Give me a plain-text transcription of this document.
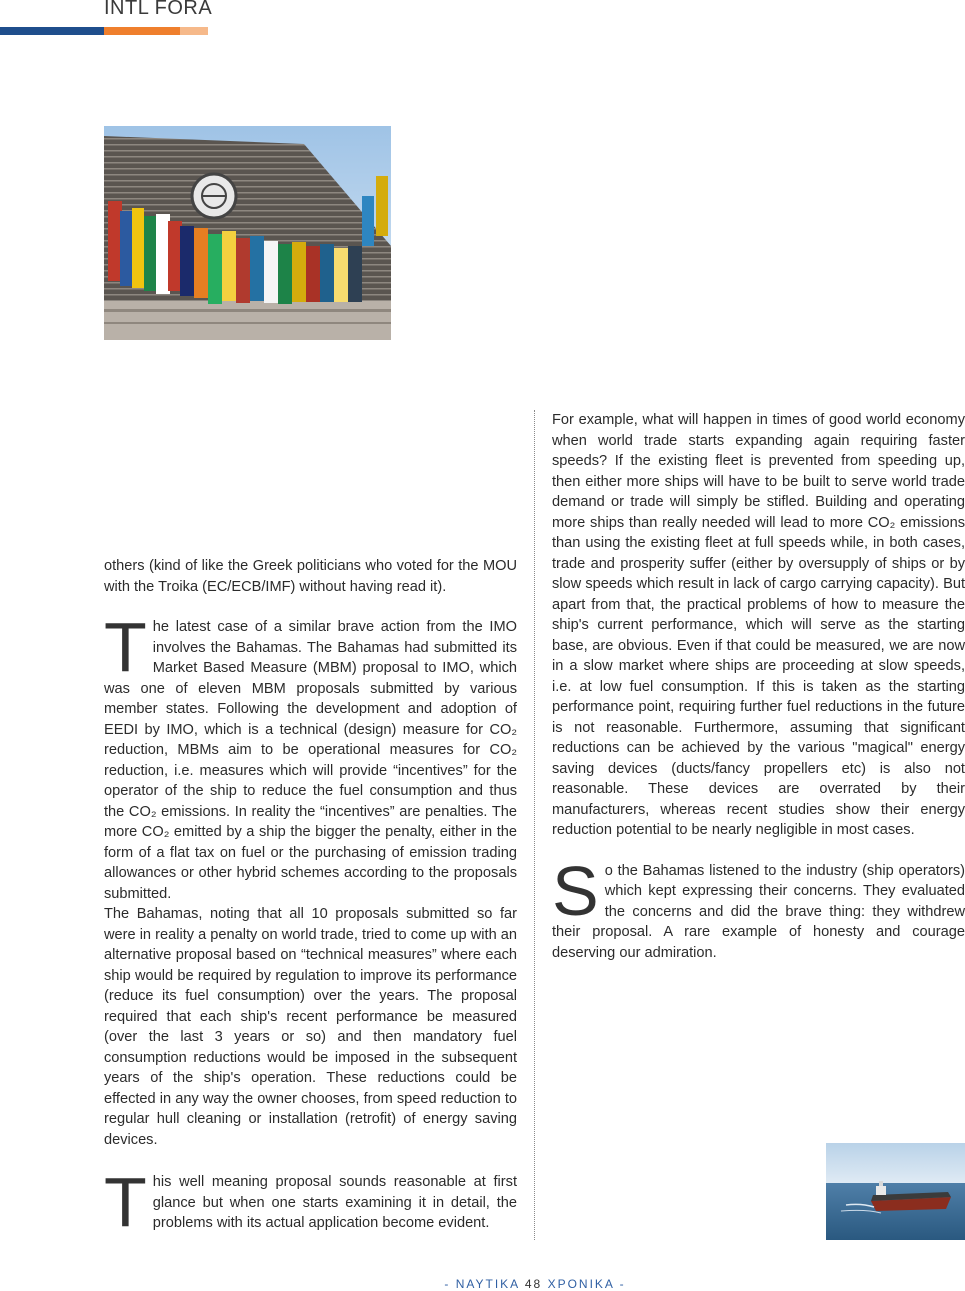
INTL FORA

others (kind of like the Greek politicians who voted for the MOU with the Troika (EC/ECB/IMF) without having read it).

T he latest case of a similar brave action from the IMO involves the Bahamas. The Bahamas had submitted its Market Based Measure (MBM) proposal to IMO, which was one of eleven MBM proposals submitted by various member states. Following the development and adoption of EEDI by IMO, which is a technical (design) measure for CO₂ reduction, MBMs aim to be operational measures for CO₂ reduction, i.e. measures which will provide “incentives” for the operator of the ship to reduce the fuel consumption and thus the CO₂ emissions. In reality the “incentives” are penalties. The more CO₂ emitted by a ship the bigger the penalty, either in the form of a flat tax on fuel or the purchasing of emission trading allowances or other hybrid schemes according to the proposals submitted.

The Bahamas, noting that all 10 proposals submitted so far were in reality a penalty on world trade, tried to come up with an alternative proposal based on “technical measures” where each ship would be required by regulation to improve its performance (reduce its fuel consumption) over the years. The proposal required that each ship's recent performance be measured (over the last 3 years or so) and then mandatory fuel consumption reductions would be imposed in the subsequent years of the ship's operation. These reductions could be effected in any way the owner chooses, from speed reduction to regular hull cleaning or installation (retrofit) of energy saving devices.

T his well meaning proposal sounds reasonable at first glance but when one starts examining it in detail, the problems with its actual application become evident.

For example, what will happen in times of good world economy when world trade starts expanding again requiring faster speeds? If the existing fleet is prevented from speeding up, then either more ships will have to be built to serve world trade demand or trade will simply be stifled. Building and operating more ships than really needed will lead to more CO₂ emissions than using the existing fleet at full speeds while, in both cases, trade and prosperity suffer (either by oversupply of ships or by slow speeds which result in lack of cargo carrying capacity). But apart from that, the practical problems of how to measure the ship's current performance, which will serve as the starting base, are obvious. Even if that could be measured, we are now in a slow market where ships are proceeding at slow speeds, i.e. at low fuel consumption. If this is taken as the starting performance point, requiring further fuel reductions in the future is not reasonable. Furthermore, assuming that significant reductions can be achieved by the various "magical" energy saving devices (ducts/fancy propellers etc) is also not reasonable. These devices are overrated by their manufacturers, whereas recent studies show their energy reduction potential to be nearly negligible in most cases.

S o the Bahamas listened to the industry (ship operators) which kept expressing their concerns. They evaluated the concerns and did the brave thing: they withdrew their proposal. A rare example of honesty and courage deserving our admiration.

- ΝΑΥΤΙΚΑ 48 ΧΡΟΝΙΚΑ -
